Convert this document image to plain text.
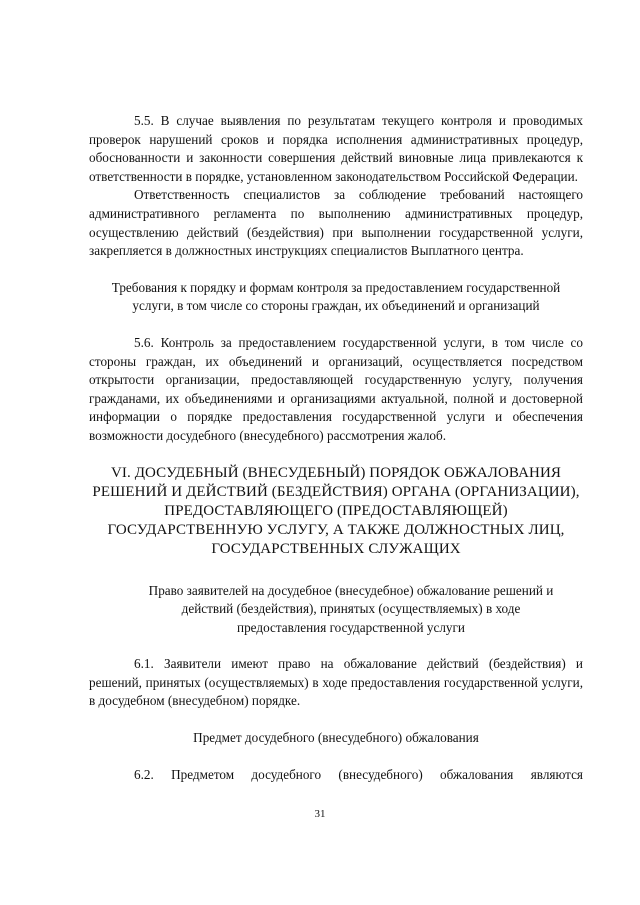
5.5. В случае выявления по результатам текущего контроля и проводимых проверок нарушений сроков и порядка исполнения административных процедур, обоснованности и законности совершения действий виновные лица привлекаются к ответственности в порядке, установленном законодательством Российской Федерации.

Ответственность специалистов за соблюдение требований настоящего административного регламента по выполнению административных процедур, осуществлению действий (бездействия) при выполнении государственной услуги, закрепляется в должностных инструкциях специалистов Выплатного центра.

Требования к порядку и формам контроля за предоставлением государственной услуги, в том числе со стороны граждан, их объединений и организаций

5.6. Контроль за предоставлением государственной услуги, в том числе со стороны граждан, их объединений и организаций, осуществляется посредством открытости организации, предоставляющей государственную услугу, получения гражданами, их объединениями и организациями актуальной, полной и достоверной информации о порядке предоставления государственной услуги и обеспечения возможности досудебного (внесудебного) рассмотрения жалоб.

VI. ДОСУДЕБНЫЙ (ВНЕСУДЕБНЫЙ) ПОРЯДОК ОБЖАЛОВАНИЯ РЕШЕНИЙ И ДЕЙСТВИЙ (БЕЗДЕЙСТВИЯ) ОРГАНА (ОРГАНИЗАЦИИ), ПРЕДОСТАВЛЯЮЩЕГО (ПРЕДОСТАВЛЯЮЩЕЙ) ГОСУДАРСТВЕННУЮ УСЛУГУ, А ТАКЖЕ ДОЛЖНОСТНЫХ ЛИЦ, ГОСУДАРСТВЕННЫХ СЛУЖАЩИХ

Право заявителей на досудебное (внесудебное) обжалование решений и действий (бездействия), принятых (осуществляемых) в ходе предоставления государственной услуги

6.1. Заявители имеют право на обжалование действий (бездействия) и решений, принятых (осуществляемых) в ходе предоставления государственной услуги, в досудебном (внесудебном) порядке.

Предмет досудебного (внесудебного) обжалования

6.2. Предметом досудебного (внесудебного) обжалования являются

31
